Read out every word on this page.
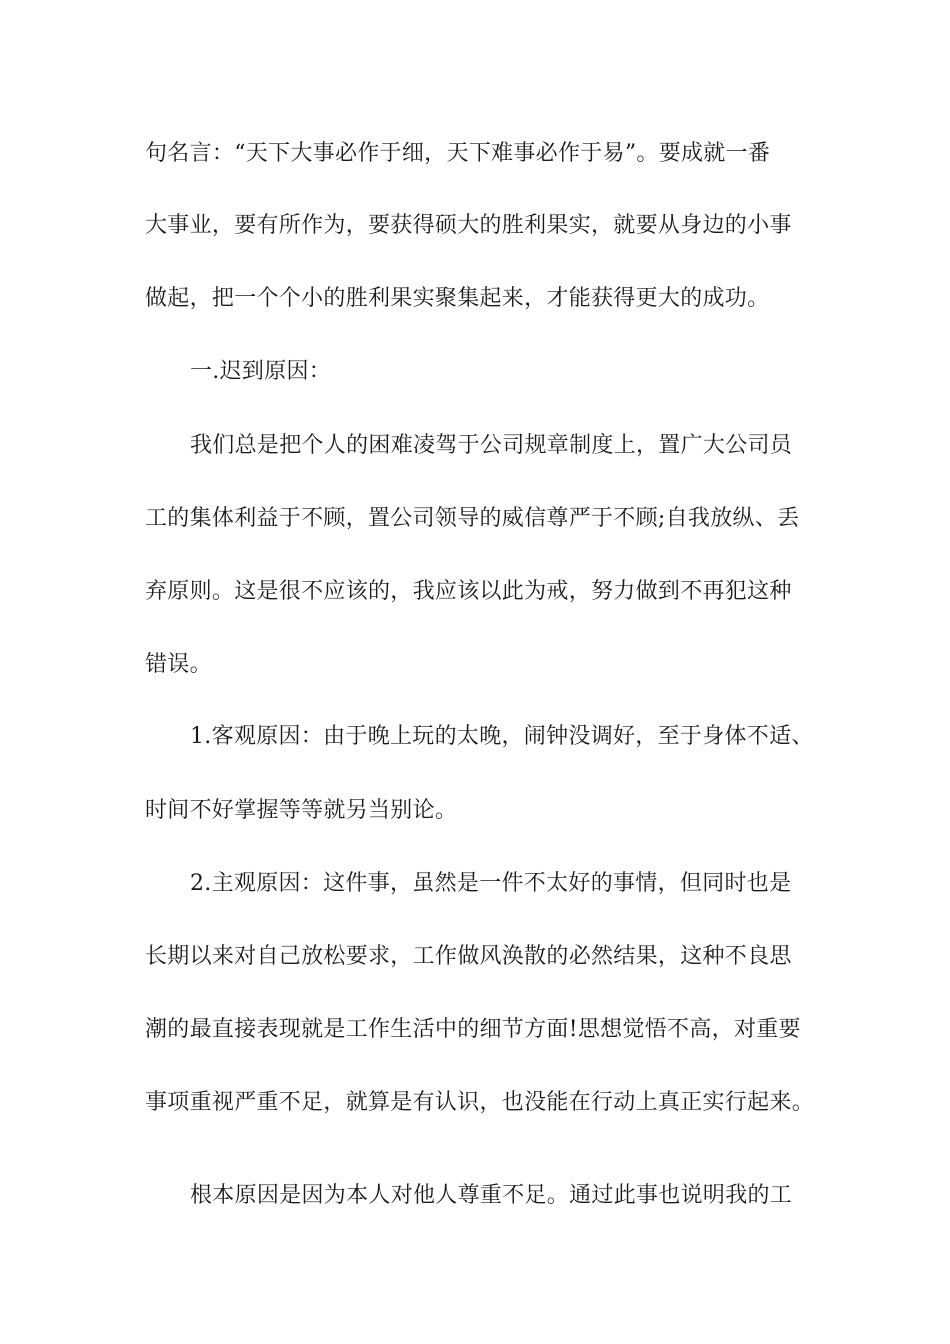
句名言：“天下大事必作于细，天下难事必作于易”。要成就一番
大事业，要有所作为，要获得硕大的胜利果实，就要从身边的小事
做起，把一个个小的胜利果实聚集起来，才能获得更大的成功。
一.迟到原因：
我们总是把个人的困难凌驾于公司规章制度上，置广大公司员
工的集体利益于不顾，置公司领导的威信尊严于不顾;自我放纵、丢
弃原则。这是很不应该的，我应该以此为戒，努力做到不再犯这种
错误。
1.客观原因：由于晚上玩的太晚，闹钟没调好，至于身体不适、
时间不好掌握等等就另当别论。
2.主观原因：这件事，虽然是一件不太好的事情，但同时也是
长期以来对自己放松要求，工作做风涣散的必然结果，这种不良思
潮的最直接表现就是工作生活中的细节方面!思想觉悟不高，对重要
事项重视严重不足，就算是有认识，也没能在行动上真正实行起来。
根本原因是因为本人对他人尊重不足。通过此事也说明我的工
